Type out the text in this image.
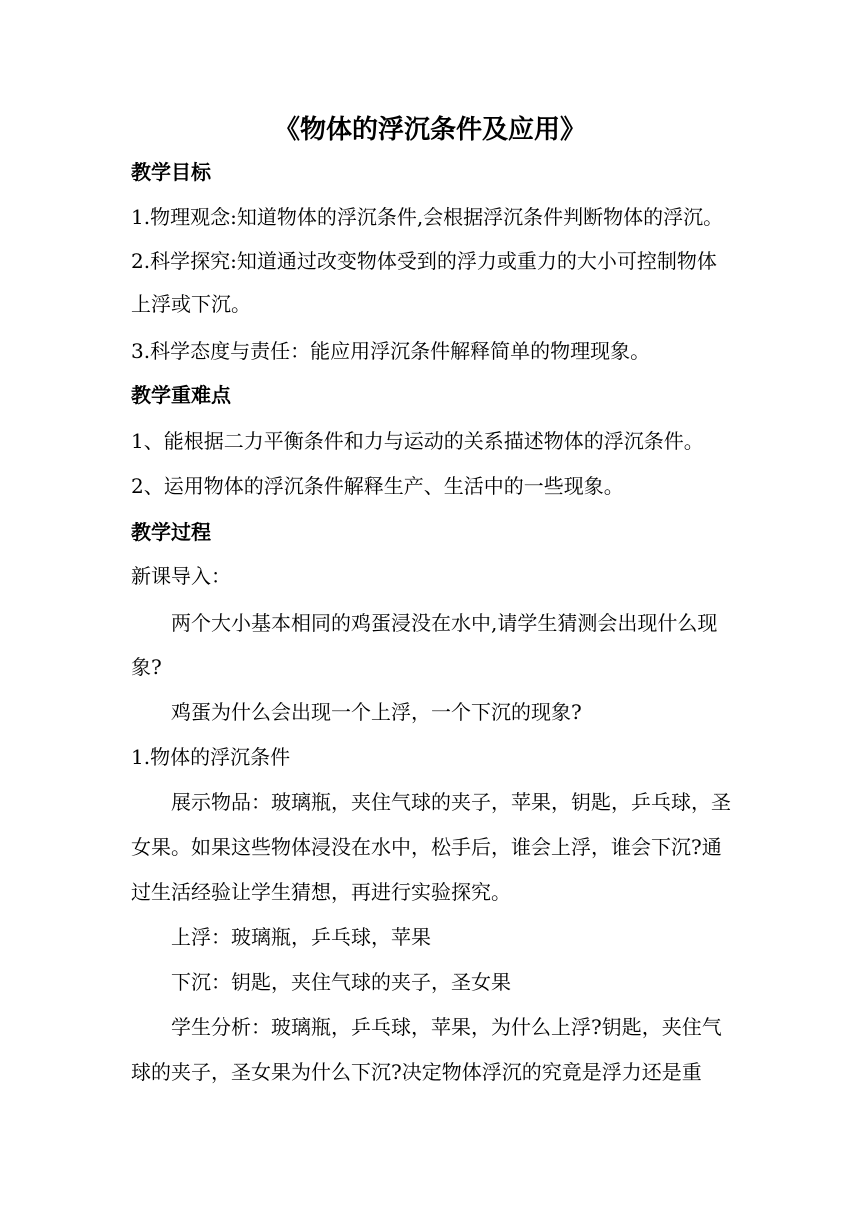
《物体的浮沉条件及应用》
教学目标
1.物理观念:知道物体的浮沉条件,会根据浮沉条件判断物体的浮沉。
2.科学探究:知道通过改变物体受到的浮力或重力的大小可控制物体
上浮或下沉。
3.科学态度与责任：能应用浮沉条件解释简单的物理现象。
教学重难点
1、能根据二力平衡条件和力与运动的关系描述物体的浮沉条件。
2、运用物体的浮沉条件解释生产、生活中的一些现象。
教学过程
新课导入：
两个大小基本相同的鸡蛋浸没在水中,请学生猜测会出现什么现
象?
鸡蛋为什么会出现一个上浮，一个下沉的现象?
1.物体的浮沉条件
展示物品：玻璃瓶，夹住气球的夹子，苹果，钥匙，乒乓球，圣
女果。如果这些物体浸没在水中，松手后，谁会上浮，谁会下沉?通
过生活经验让学生猜想，再进行实验探究。
上浮：玻璃瓶，乒乓球，苹果
下沉：钥匙，夹住气球的夹子，圣女果
学生分析：玻璃瓶，乒乓球，苹果，为什么上浮?钥匙，夹住气
球的夹子，圣女果为什么下沉?决定物体浮沉的究竟是浮力还是重
